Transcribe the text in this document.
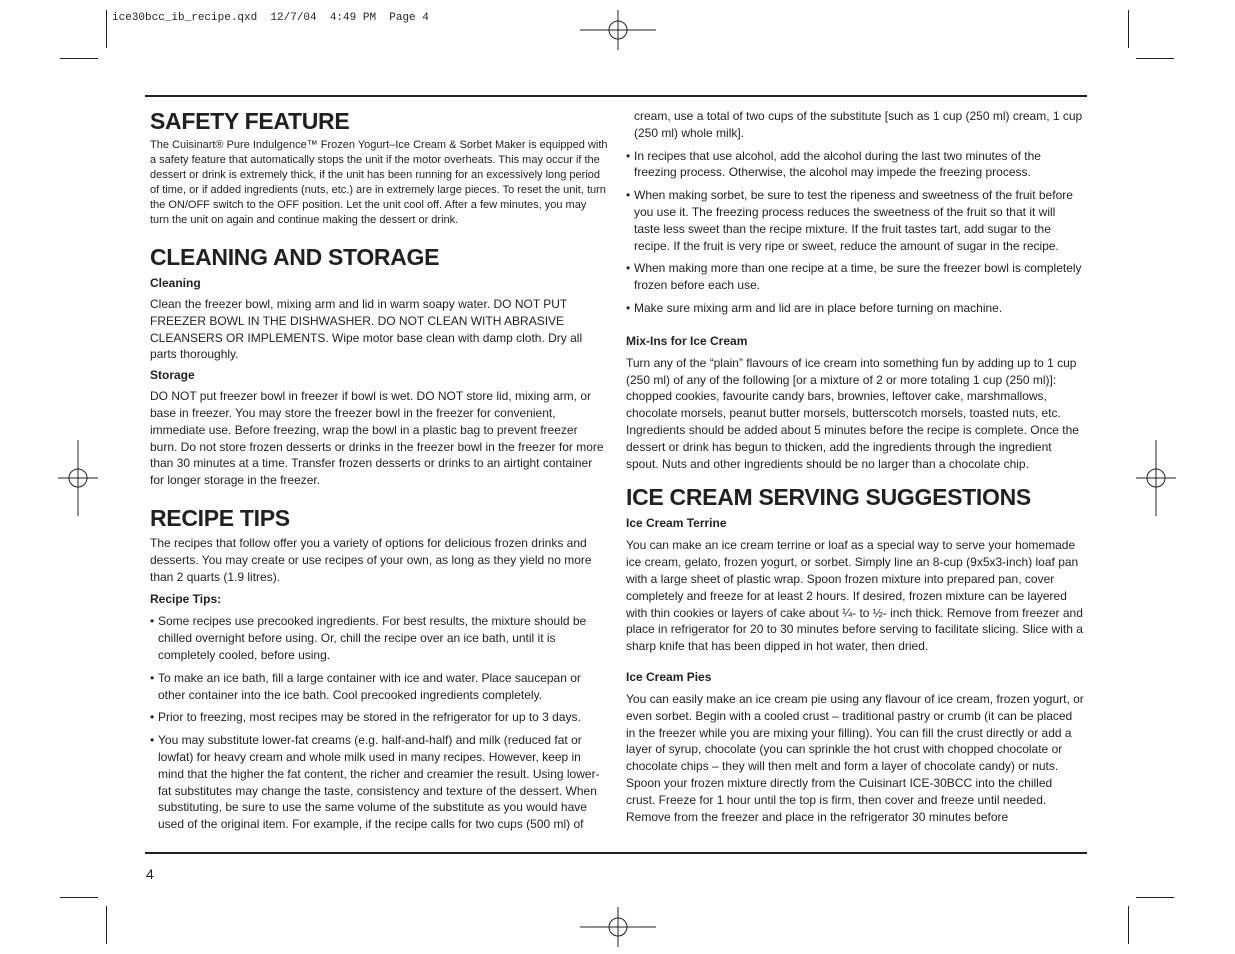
ice30bcc_ib_recipe.qxd  12/7/04  4:49 PM  Page 4
SAFETY FEATURE

The Cuisinart® Pure Indulgence™ Frozen Yogurt–Ice Cream & Sorbet Maker is equipped with a safety feature that automatically stops the unit if the motor overheats. This may occur if the dessert or drink is extremely thick, if the unit has been running for an excessively long period of time, or if added ingredients (nuts, etc.) are in extremely large pieces. To reset the unit, turn the ON/OFF switch to the OFF position. Let the unit cool off. After a few minutes, you may turn the unit on again and continue making the dessert or drink.

CLEANING AND STORAGE
Cleaning

Clean the freezer bowl, mixing arm and lid in warm soapy water. DO NOT PUT FREEZER BOWL IN THE DISHWASHER. DO NOT CLEAN WITH ABRASIVE CLEANSERS OR IMPLEMENTS. Wipe motor base clean with damp cloth. Dry all parts thoroughly.

Storage

DO NOT put freezer bowl in freezer if bowl is wet. DO NOT store lid, mixing arm, or base in freezer. You may store the freezer bowl in the freezer for convenient, immediate use. Before freezing, wrap the bowl in a plastic bag to prevent freezer burn. Do not store frozen desserts or drinks in the freezer bowl in the freezer for more than 30 minutes at a time. Transfer frozen desserts or drinks to an airtight container for longer storage in the freezer.

RECIPE TIPS

The recipes that follow offer you a variety of options for delicious frozen drinks and desserts. You may create or use recipes of your own, as long as they yield no more than 2 quarts (1.9 litres).

Recipe Tips:
• Some recipes use precooked ingredients. For best results, the mixture should be chilled overnight before using. Or, chill the recipe over an ice bath, until it is completely cooled, before using.
• To make an ice bath, fill a large container with ice and water. Place saucepan or other container into the ice bath. Cool precooked ingredients completely.
• Prior to freezing, most recipes may be stored in the refrigerator for up to 3 days.
• You may substitute lower-fat creams (e.g. half-and-half) and milk (reduced fat or lowfat) for heavy cream and whole milk used in many recipes. However, keep in mind that the higher the fat content, the richer and creamier the result. Using lower-fat substitutes may change the taste, consistency and texture of the dessert. When substituting, be sure to use the same volume of the substitute as you would have used of the original item. For example, if the recipe calls for two cups (500 ml) of

cream, use a total of two cups of the substitute [such as 1 cup (250 ml) cream, 1 cup (250 ml) whole milk].

• In recipes that use alcohol, add the alcohol during the last two minutes of the freezing process. Otherwise, the alcohol may impede the freezing process.
• When making sorbet, be sure to test the ripeness and sweetness of the fruit before you use it. The freezing process reduces the sweetness of the fruit so that it will taste less sweet than the recipe mixture. If the fruit tastes tart, add sugar to the recipe. If the fruit is very ripe or sweet, reduce the amount of sugar in the recipe.
• When making more than one recipe at a time, be sure the freezer bowl is completely frozen before each use.
• Make sure mixing arm and lid are in place before turning on machine.
Mix-Ins for Ice Cream

Turn any of the “plain” flavours of ice cream into something fun by adding up to 1 cup (250 ml) of any of the following [or a mixture of 2 or more totaling 1 cup (250 ml)]: chopped cookies, favourite candy bars, brownies, leftover cake, marshmallows, chocolate morsels, peanut butter morsels, butterscotch morsels, toasted nuts, etc. Ingredients should be added about 5 minutes before the recipe is complete. Once the dessert or drink has begun to thicken, add the ingredients through the ingredient spout. Nuts and other ingredients should be no larger than a chocolate chip.

ICE CREAM SERVING SUGGESTIONS
Ice Cream Terrine

You can make an ice cream terrine or loaf as a special way to serve your homemade ice cream, gelato, frozen yogurt, or sorbet. Simply line an 8-cup (9x5x3-inch) loaf pan with a large sheet of plastic wrap. Spoon frozen mixture into prepared pan, cover completely and freeze for at least 2 hours. If desired, frozen mixture can be layered with thin cookies or layers of cake about ¼- to ½- inch thick. Remove from freezer and place in refrigerator for 20 to 30 minutes before serving to facilitate slicing. Slice with a sharp knife that has been dipped in hot water, then dried.

Ice Cream Pies

You can easily make an ice cream pie using any flavour of ice cream, frozen yogurt, or even sorbet. Begin with a cooled crust – traditional pastry or crumb (it can be placed in the freezer while you are mixing your filling). You can fill the crust directly or add a layer of syrup, chocolate (you can sprinkle the hot crust with chopped chocolate or chocolate chips – they will then melt and form a layer of chocolate candy) or nuts. Spoon your frozen mixture directly from the Cuisinart ICE-30BCC into the chilled crust. Freeze for 1 hour until the top is firm, then cover and freeze until needed. Remove from the freezer and place in the refrigerator 30 minutes before

4
